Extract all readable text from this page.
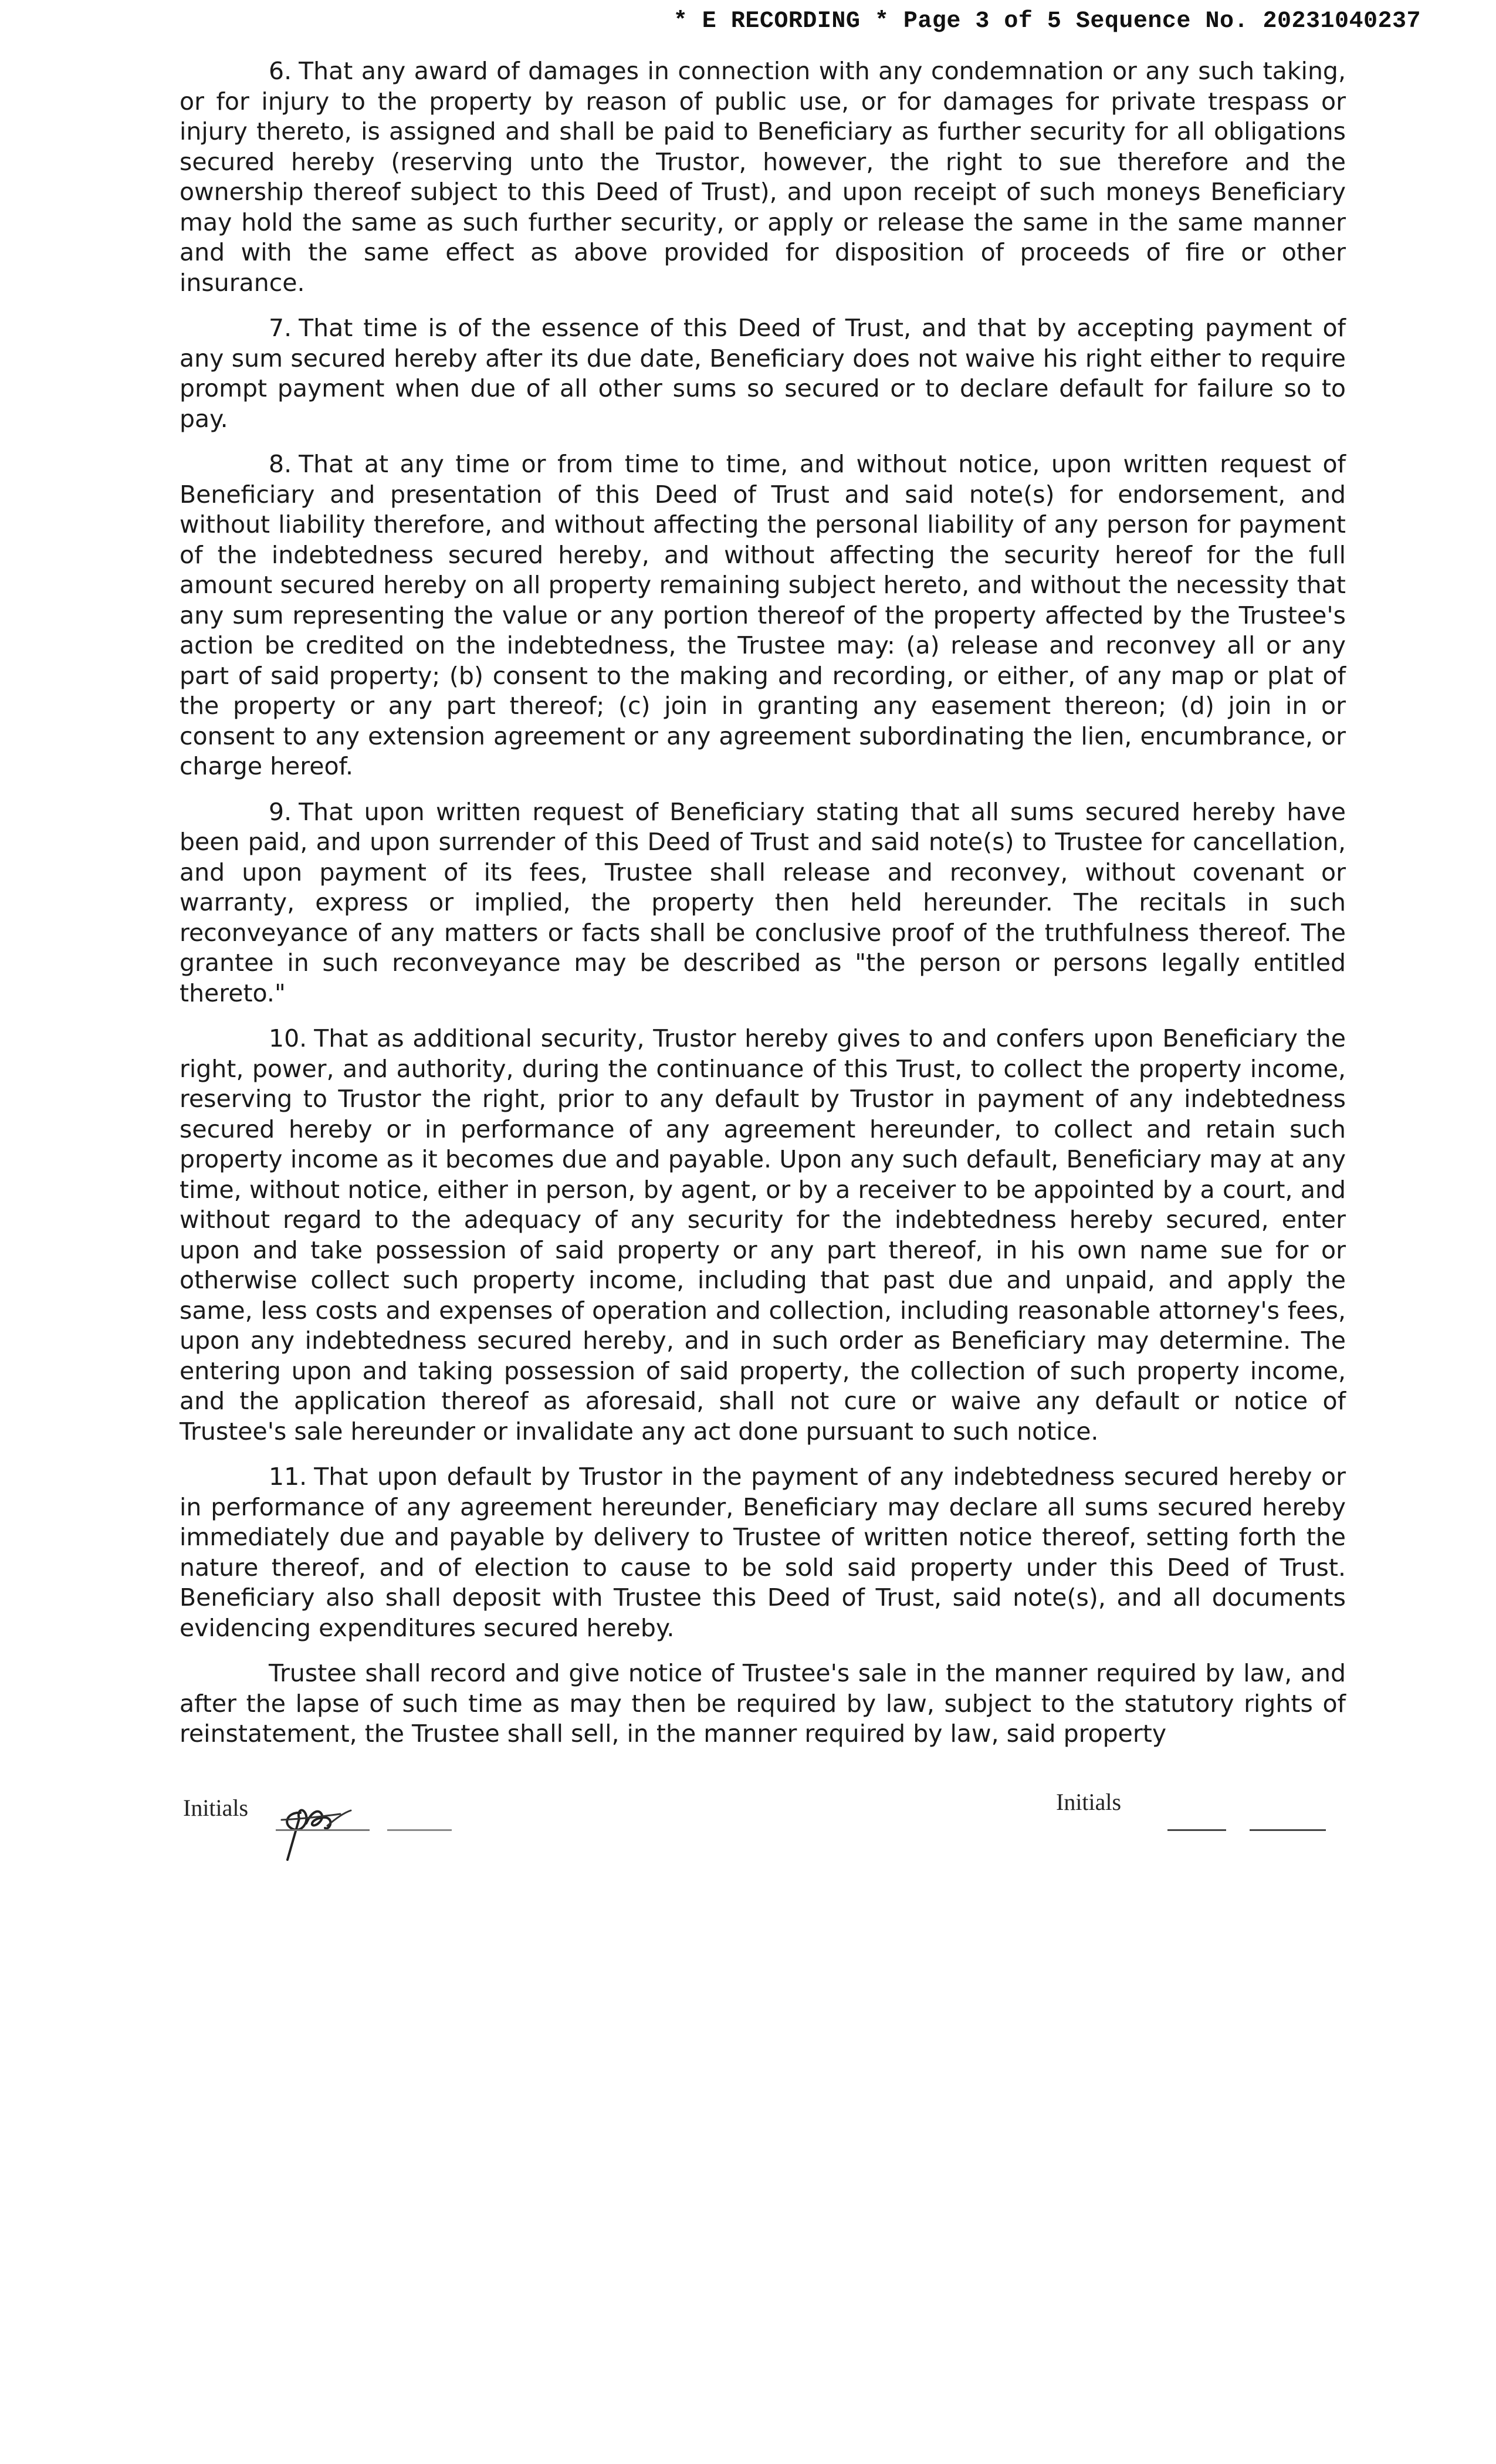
* E RECORDING * Page 3 of 5 Sequence No. 20231040237

6. That any award of damages in connection with any condemnation or any such taking, or for injury to the property by reason of public use, or for damages for private trespass or injury thereto, is assigned and shall be paid to Beneficiary as further security for all obligations secured hereby (reserving unto the Trustor, however, the right to sue therefore and the ownership thereof subject to this Deed of Trust), and upon receipt of such moneys Beneficiary may hold the same as such further security, or apply or release the same in the same manner and with the same effect as above provided for disposition of proceeds of fire or other insurance.

7. That time is of the essence of this Deed of Trust, and that by accepting payment of any sum secured hereby after its due date, Beneficiary does not waive his right either to require prompt payment when due of all other sums so secured or to declare default for failure so to pay.

8. That at any time or from time to time, and without notice, upon written request of Beneficiary and presentation of this Deed of Trust and said note(s) for endorsement, and without liability therefore, and without affecting the personal liability of any person for payment of the indebtedness secured hereby, and without affecting the security hereof for the full amount secured hereby on all property remaining subject hereto, and without the necessity that any sum representing the value or any portion thereof of the property affected by the Trustee's action be credited on the indebtedness, the Trustee may: (a) release and reconvey all or any part of said property; (b) consent to the making and recording, or either, of any map or plat of the property or any part thereof; (c) join in granting any easement thereon; (d) join in or consent to any extension agreement or any agreement subordinating the lien, encumbrance, or charge hereof.

9. That upon written request of Beneficiary stating that all sums secured hereby have been paid, and upon surrender of this Deed of Trust and said note(s) to Trustee for cancellation, and upon payment of its fees, Trustee shall release and reconvey, without covenant or warranty, express or implied, the property then held hereunder. The recitals in such reconveyance of any matters or facts shall be conclusive proof of the truthfulness thereof. The grantee in such reconveyance may be described as "the person or persons legally entitled thereto."

10. That as additional security, Trustor hereby gives to and confers upon Beneficiary the right, power, and authority, during the continuance of this Trust, to collect the property income, reserving to Trustor the right, prior to any default by Trustor in payment of any indebtedness secured hereby or in performance of any agreement hereunder, to collect and retain such property income as it becomes due and payable. Upon any such default, Beneficiary may at any time, without notice, either in person, by agent, or by a receiver to be appointed by a court, and without regard to the adequacy of any security for the indebtedness hereby secured, enter upon and take possession of said property or any part thereof, in his own name sue for or otherwise collect such property income, including that past due and unpaid, and apply the same, less costs and expenses of operation and collection, including reasonable attorney's fees, upon any indebtedness secured hereby, and in such order as Beneficiary may determine. The entering upon and taking possession of said property, the collection of such property income, and the application thereof as aforesaid, shall not cure or waive any default or notice of Trustee's sale hereunder or invalidate any act done pursuant to such notice.

11. That upon default by Trustor in the payment of any indebtedness secured hereby or in performance of any agreement hereunder, Beneficiary may declare all sums secured hereby immediately due and payable by delivery to Trustee of written notice thereof, setting forth the nature thereof, and of election to cause to be sold said property under this Deed of Trust. Beneficiary also shall deposit with Trustee this Deed of Trust, said note(s), and all documents evidencing expenditures secured hereby.

Trustee shall record and give notice of Trustee's sale in the manner required by law, and after the lapse of such time as may then be required by law, subject to the statutory rights of reinstatement, the Trustee shall sell, in the manner required by law, said property

Initials	Initials
